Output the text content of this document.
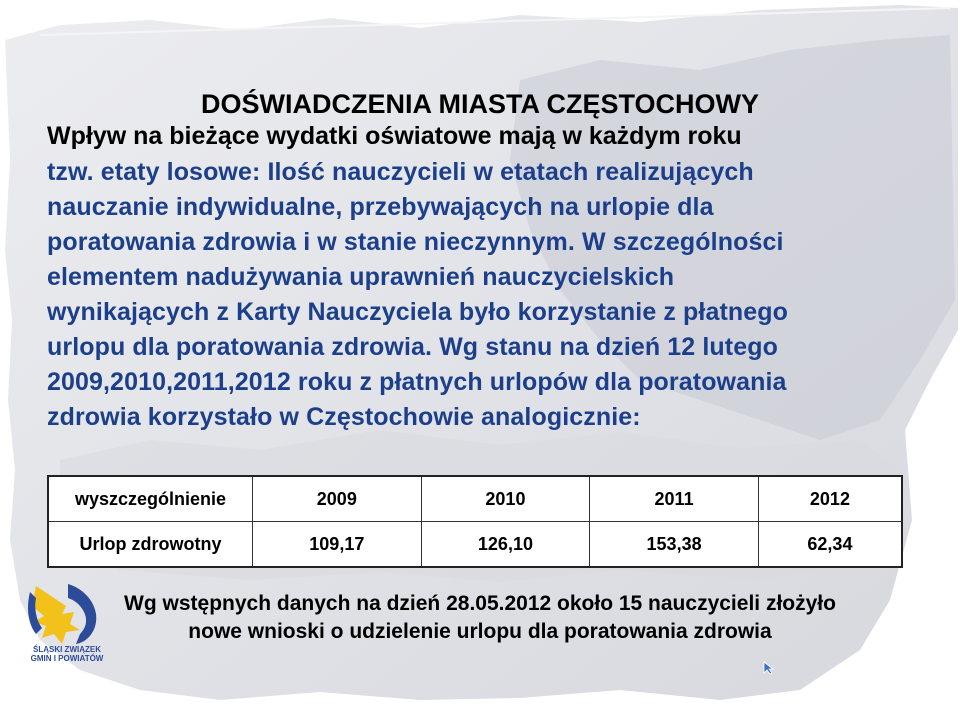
DOŚWIADCZENIA MIASTA CZĘSTOCHOWY
Wpływ na bieżące wydatki oświatowe mają w każdym roku
tzw. etaty losowe: Ilość nauczycieli w etatach realizujących
nauczanie indywidualne, przebywających na urlopie dla
poratowania zdrowia i w stanie nieczynnym. W szczególności
elementem nadużywania uprawnień nauczycielskich
wynikających z Karty Nauczyciela było korzystanie z płatnego
urlopu dla poratowania zdrowia. Wg stanu na dzień 12 lutego
2009,2010,2011,2012 roku z płatnych urlopów dla poratowania
zdrowia korzystało w Częstochowie analogicznie:
wyszczególnienie	2009	2010	2011	2012
Urlop zdrowotny	109,17	126,10	153,38	62,34
ŚLĄSKI ZWIĄZEK
GMIN I POWIATÓW
Wg wstępnych danych na dzień 28.05.2012 około 15 nauczycieli złożyło
nowe wnioski o udzielenie urlopu dla poratowania zdrowia
